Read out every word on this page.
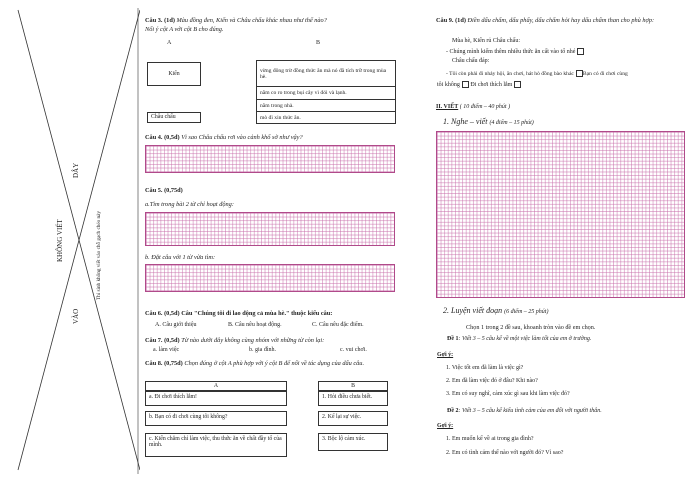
DÂY
KHÔNG VIẾT
VÀO
Thí sinh không viết vào chỗ gạch chéo này
Câu 3. (1đ) Màu đồng đen, Kiến và Châu chấu khác nhau như thế nào?
Nối ý cột A với cột B cho đúng.
A	B
Kiến
Châu chấu
vừng đông trừ đồng thức ăn mà nó đã tích trữ trong mùa hè.
nằm co ro trong bụi cây vì đói và lạnh.
nằm trong nhà.
mò đi xin thức ăn.
Câu 4. (0,5đ) Vì sao Châu chấu rơi vào cảnh khổ sở như vậy?
Câu 5. (0,75đ)
a.Tìm trong bài 2 từ chỉ hoạt động:
b. Đặt câu với 1 từ vừa tìm:
Câu 6. (0,5đ) Câu "Chúng tôi đi lao động cả mùa hè." thuộc kiểu câu:
A. Câu giới thiệu	B. Câu nêu hoạt động.	C. Câu nêu đặc điểm.
Câu 7. (0,5đ) Từ nào dưới đây không cùng nhóm với những từ còn lại:
a. làm việc	b. gia đình.	c. vui chơi.
Câu 8. (0,75đ) Chọn đúng ở cột A phù hợp với ý cột B để nối về tác dụng của dấu câu.
A
a. Đi chơi thích lắm!
b. Bạn có đi chơi cùng tôi không?
c. Kiến chăm chỉ làm việc, thu thức ăn về chất đầy tổ của mình.
B
1. Hỏi điều chưa biết.
2. Kể lại sự việc.
3. Bộc lộ cảm xúc.
Câu 9. (1đ) Điền dấu chấm, dấu phẩy, dấu chấm hỏi hay dấu chấm than cho phù hợp:
Mùa hè, Kiến rủ Châu chấu:
- Chúng mình kiếm thêm nhiều thức ăn cất vào tổ nhé
Châu chấu đáp:
- Tôi còn phải đi nhảy hội, ăn chơi, hát hò đồng bào khác Bạn có đi chơi cùng
tôi không Đi chơi thích lắm
II. VIẾT ( 10 điểm – 40 phút )
1. Nghe – viết (4 điểm – 15 phút)
2. Luyện viết đoạn (6 điểm – 25 phút)
Chọn 1 trong 2 đề sau, khoanh tròn vào đề em chọn.
Đề 1: Viết 3 – 5 câu kể về một việc làm tốt của em ở trường.
Gợi ý:
1. Việc tốt em đã làm là việc gì?
2. Em đã làm việc đó ở đâu? Khi nào?
3. Em có suy nghĩ, cảm xúc gì sau khi làm việc đó?
Đề 2: Viết 3 – 5 câu kể kiểu tình cảm của em đối với người thân.
Gợi ý:
1. Em muốn kể về ai trong gia đình?
2. Em có tình cảm thế nào với người đó? Vì sao?
